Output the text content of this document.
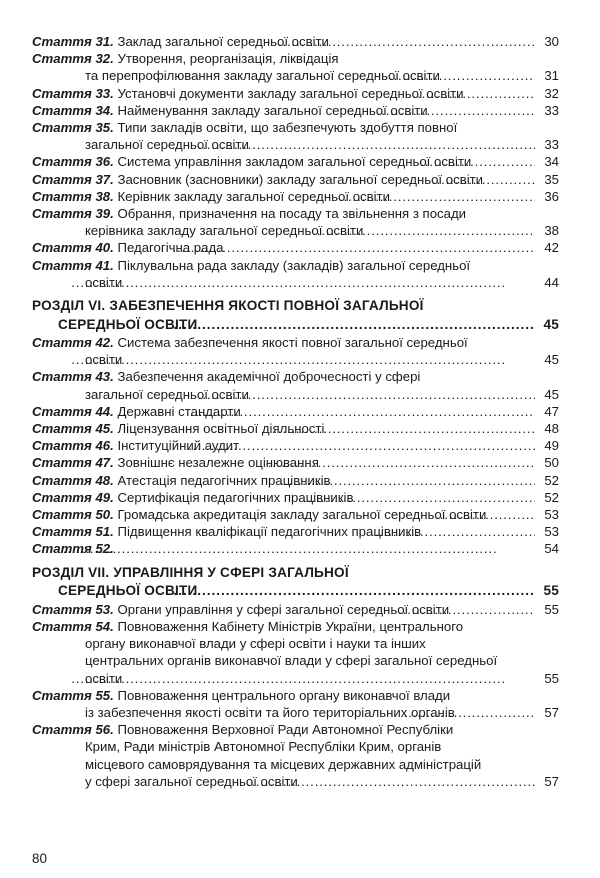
Стаття 31. Заклад загальної середньої освіти . . .	30
Стаття 32. Утворення, реорганізація, ліквідація
та перепрофілювання закладу загальної середньої освіти . . .	31
Стаття 33. Установчі документи закладу загальної середньої освіти . . .	32
Стаття 34. Найменування закладу загальної середньої освіти . . .	33
Стаття 35. Типи закладів освіти, що забезпечують здобуття повної
загальної середньої освіти . . .	33
Стаття 36. Система управління закладом загальної середньої освіти . . .	34
Стаття 37. Засновник (засновники) закладу загальної середньої освіти . . .	35
Стаття 38. Керівник закладу загальної середньої освіти . . .	36
Стаття 39. Обрання, призначення на посаду та звільнення з посади
керівника закладу загальної середньої освіти . . .	38
Стаття 40. Педагогічна рада . . .	42
Стаття 41. Піклувальна рада закладу (закладів) загальної середньої
освіти . . .	44
РОЗДІЛ VI. ЗАБЕЗПЕЧЕННЯ ЯКОСТІ ПОВНОЇ ЗАГАЛЬНОЇ
СЕРЕДНЬОЇ ОСВІТИ . . .	45
Стаття 42. Система забезпечення якості повної загальної середньої
освіти . . .	45
Стаття 43. Забезпечення академічної доброчесності у сфері
загальної середньої освіти . . .	45
Стаття 44. Державні стандарти . . .	47
Стаття 45. Ліцензування освітньої діяльності . . .	48
Стаття 46. Інституційний аудит . . .	49
Стаття 47. Зовнішнє незалежне оцінювання . . .	50
Стаття 48. Атестація педагогічних працівників . . .	52
Стаття 49. Сертифікація педагогічних працівників . . .	52
Стаття 50. Громадська акредитація закладу загальної середньої освіти . . .	53
Стаття 51. Підвищення кваліфікації педагогічних працівників . . .	53
Стаття 52.	54
РОЗДІЛ VII. УПРАВЛІННЯ У СФЕРІ ЗАГАЛЬНОЇ
СЕРЕДНЬОЇ ОСВІТИ . . .	55
Стаття 53. Органи управління у сфері загальної середньої освіти . . .	55
Стаття 54. Повноваження Кабінету Міністрів України, центрального
органу виконавчої влади у сфері освіти і науки та інших
центральних органів виконавчої влади у сфері загальної середньої
освіти . . .	55
Стаття 55. Повноваження центрального органу виконавчої влади
із забезпечення якості освіти та його територіальних органів . . .	57
Стаття 56. Повноваження Верховної Ради Автономної Республіки
Крим, Ради міністрів Автономної Республіки Крим, органів
місцевого самоврядування та місцевих державних адміністрацій
у сфері загальної середньої освіти . . .	57
80
